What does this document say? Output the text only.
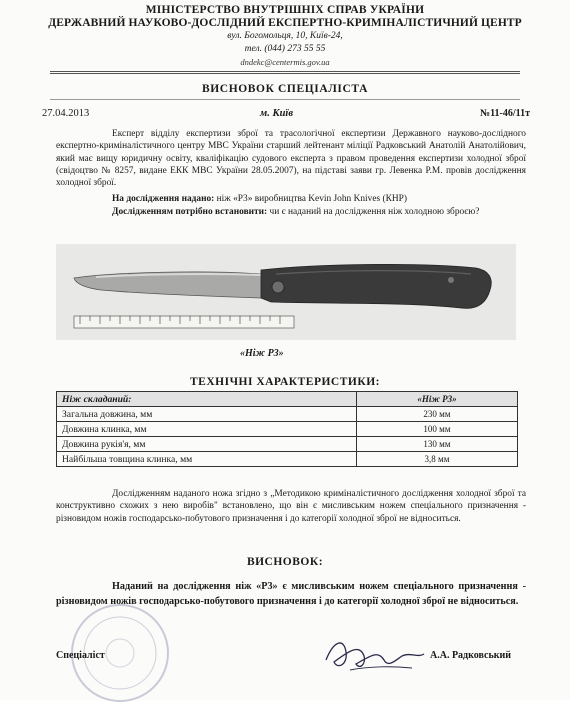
МІНІСТЕРСТВО ВНУТРІШНІХ СПРАВ УКРАЇНИ
ДЕРЖАВНИЙ НАУКОВО-ДОСЛІДНИЙ ЕКСПЕРТНО-КРИМІНАЛІСТИЧНИЙ ЦЕНТР
вул. Богомольця, 10, Київ-24,
тел. (044) 273 55 55
dndekc@centermis.gov.ua
ВИСНОВОК СПЕЦІАЛІСТА
27.04.2013	м. Київ	№11-46/11т
Експерт відділу експертизи зброї та трасологічної експертизи Державного науково-дослідного експертно-криміналістичного центру МВС України старший лейтенант міліції Радковський Анатолій Анатолійович, який має вищу юридичну освіту, кваліфікацію судового експерта з правом проведення експертизи холодної зброї (свідоцтво № 8257, видане ЕКК МВС України 28.05.2007), на підставі заяви гр. Левенка Р.М. провів дослідження холодної зброї.
На дослідження надано: ніж «Р3» виробництва Kevin John Knives (КНР)
Дослідженням потрібно встановити: чи є наданий на дослідження ніж холодною зброєю?
«Ніж Р3»
ТЕХНІЧНІ ХАРАКТЕРИСТИКИ:
Ніж складаний:	«Ніж Р3»
Загальна довжина, мм	230 мм
Довжина клинка, мм	100 мм
Довжина рукія'я, мм	130 мм
Найбільша товщина клинка, мм	3,8 мм
Дослідженням наданого ножа згідно з „Методикою криміналістичного дослідження холодної зброї та конструктивно схожих з нею виробів" встановлено, що він є мисливським ножем спеціального призначення - різновидом ножів господарсько-побутового призначення і до категорії холодної зброї не відноситься.
ВИСНОВОК:
Наданий на дослідження ніж «Р3» є мисливським ножем спеціального призначення - різновидом ножів господарсько-побутового призначення і до категорії холодної зброї не відноситься.
Спеціаліст	А.А. Радковський
